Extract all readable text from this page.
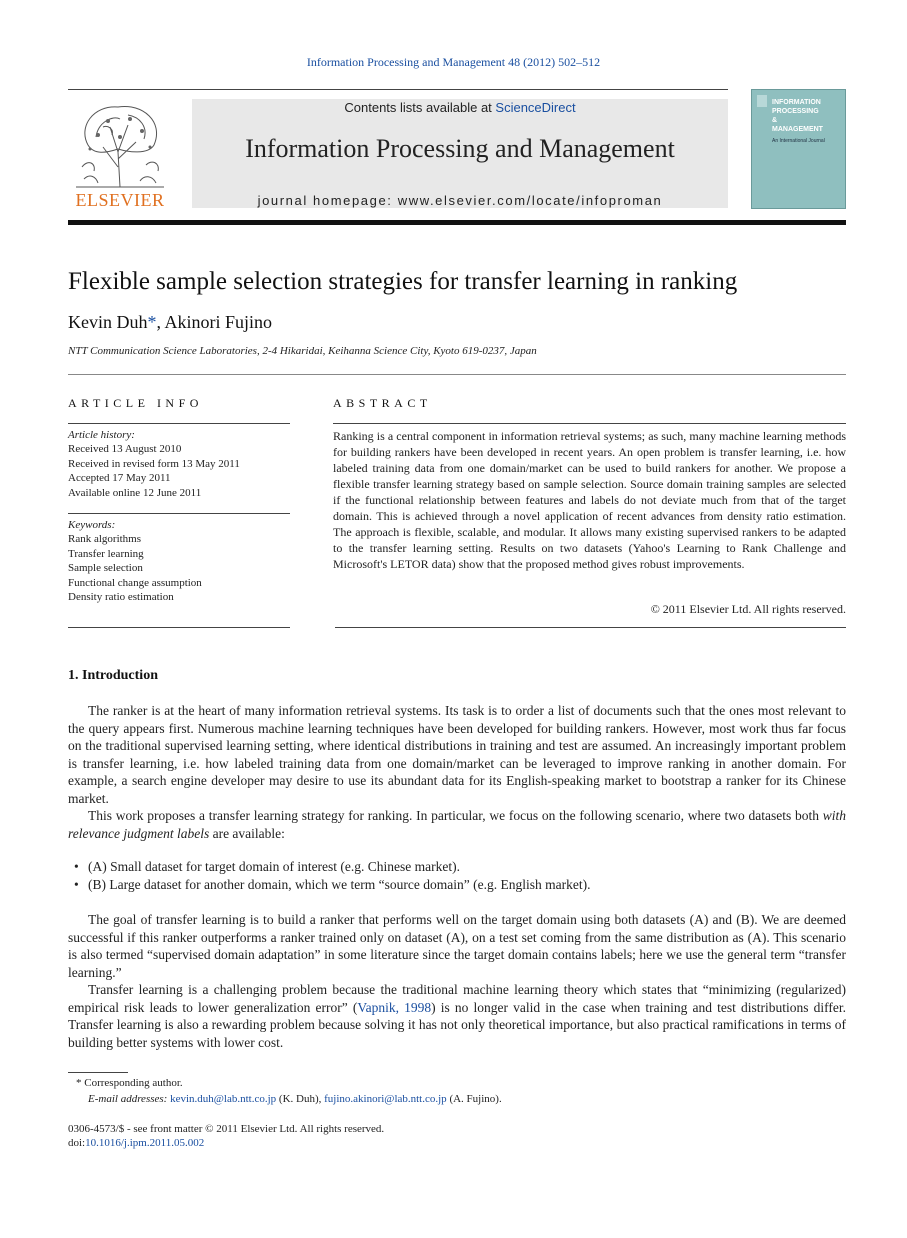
Information Processing and Management 48 (2012) 502–512
ELSEVIER
Contents lists available at ScienceDirect
Information Processing and Management
journal homepage: www.elsevier.com/locate/infoproman
INFORMATION
PROCESSING
&
MANAGEMENT
An International Journal
Flexible sample selection strategies for transfer learning in ranking
Kevin Duh*, Akinori Fujino
NTT Communication Science Laboratories, 2-4 Hikaridai, Keihanna Science City, Kyoto 619-0237, Japan
ARTICLE INFO	ABSTRACT
Article history:
Received 13 August 2010
Received in revised form 13 May 2011
Accepted 17 May 2011
Available online 12 June 2011
Keywords:
Rank algorithms
Transfer learning
Sample selection
Functional change assumption
Density ratio estimation
Ranking is a central component in information retrieval systems; as such, many machine learning methods for building rankers have been developed in recent years. An open problem is transfer learning, i.e. how labeled training data from one domain/market can be used to build rankers for another. We propose a flexible transfer learning strategy based on sample selection. Source domain training samples are selected if the functional relationship between features and labels do not deviate much from that of the target domain. This is achieved through a novel application of recent advances from density ratio estimation. The approach is flexible, scalable, and modular. It allows many existing supervised rankers to be adapted to the transfer learning setting. Results on two datasets (Yahoo's Learning to Rank Challenge and Microsoft's LETOR data) show that the proposed method gives robust improvements.
© 2011 Elsevier Ltd. All rights reserved.
1. Introduction
The ranker is at the heart of many information retrieval systems. Its task is to order a list of documents such that the ones most relevant to the query appears first. Numerous machine learning techniques have been developed for building rankers. However, most work thus far focus on the traditional supervised learning setting, where identical distributions in training and test are assumed. An increasingly important problem is transfer learning, i.e. how labeled training data from one domain/market can be leveraged to improve ranking in another domain. For example, a search engine developer may desire to use its abundant data for its English-speaking market to bootstrap a ranker for its Chinese market.
This work proposes a transfer learning strategy for ranking. In particular, we focus on the following scenario, where two datasets both with relevance judgment labels are available:
• (A) Small dataset for target domain of interest (e.g. Chinese market).
• (B) Large dataset for another domain, which we term “source domain” (e.g. English market).
The goal of transfer learning is to build a ranker that performs well on the target domain using both datasets (A) and (B). We are deemed successful if this ranker outperforms a ranker trained only on dataset (A), on a test set coming from the same distribution as (A). This scenario is also termed “supervised domain adaptation” in some literature since the target domain contains labels; here we use the general term “transfer learning.”
Transfer learning is a challenging problem because the traditional machine learning theory which states that “minimizing (regularized) empirical risk leads to lower generalization error” (Vapnik, 1998) is no longer valid in the case when training and test distributions differ. Transfer learning is also a rewarding problem because solving it has not only theoretical importance, but also practical ramifications in terms of building better systems with lower cost.
* Corresponding author.
E-mail addresses: kevin.duh@lab.ntt.co.jp (K. Duh), fujino.akinori@lab.ntt.co.jp (A. Fujino).
0306-4573/$ - see front matter © 2011 Elsevier Ltd. All rights reserved.
doi:10.1016/j.ipm.2011.05.002
